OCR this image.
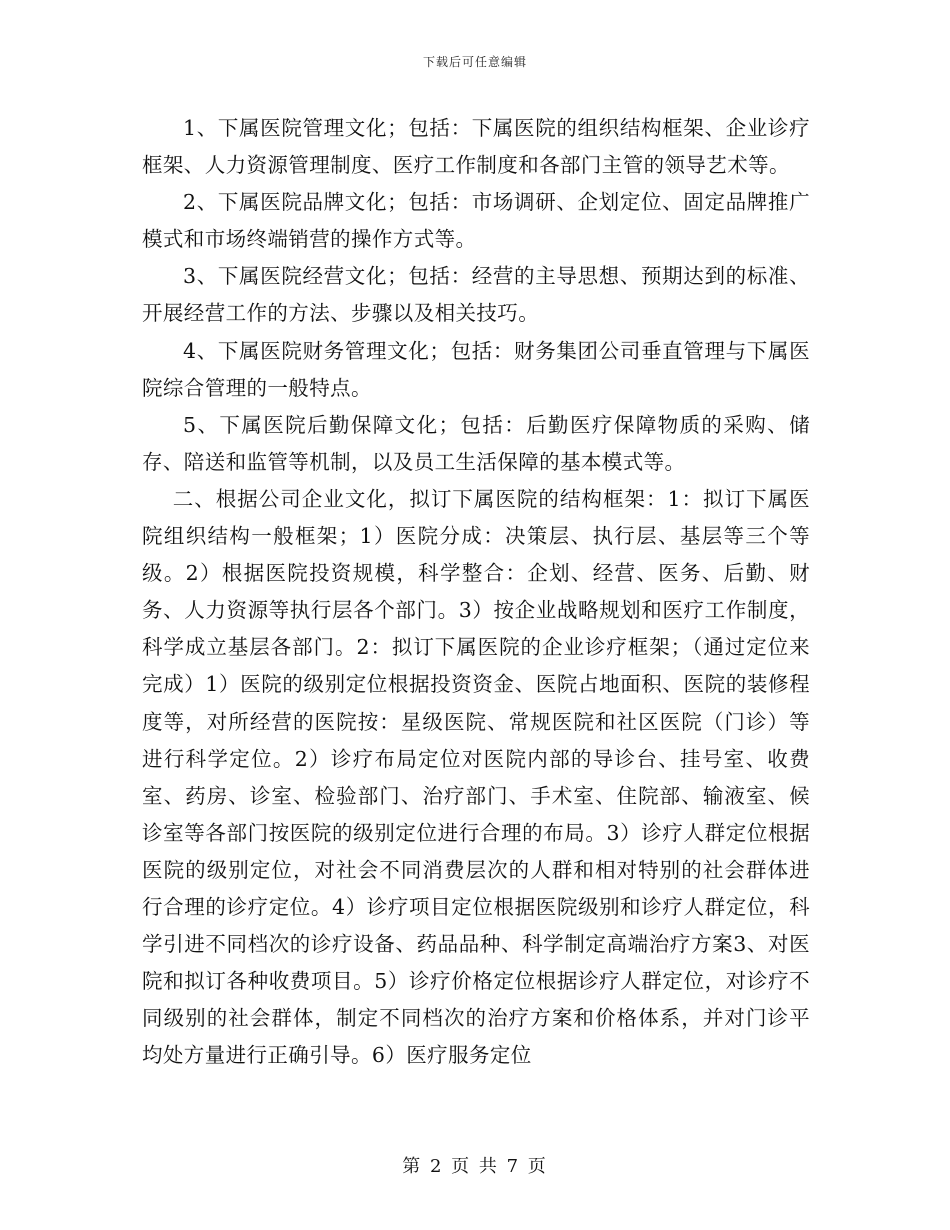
下载后可任意编辑

1、下属医院管理文化；包括：下属医院的组织结构框架、企业诊疗框架、人力资源管理制度、医疗工作制度和各部门主管的领导艺术等。

2、下属医院品牌文化；包括：市场调研、企划定位、固定品牌推广模式和市场终端销营的操作方式等。

3、下属医院经营文化；包括：经营的主导思想、预期达到的标准、开展经营工作的方法、步骤以及相关技巧。

4、下属医院财务管理文化；包括：财务集团公司垂直管理与下属医院综合管理的一般特点。

5、下属医院后勤保障文化；包括：后勤医疗保障物质的采购、储存、陪送和监管等机制，以及员工生活保障的基本模式等。

二、根据公司企业文化，拟订下属医院的结构框架：1：拟订下属医院组织结构一般框架；1）医院分成：决策层、执行层、基层等三个等级。2）根据医院投资规模，科学整合：企划、经营、医务、后勤、财务、人力资源等执行层各个部门。3）按企业战略规划和医疗工作制度，科学成立基层各部门。2：拟订下属医院的企业诊疗框架；（通过定位来完成）1）医院的级别定位根据投资资金、医院占地面积、医院的装修程度等，对所经营的医院按：星级医院、常规医院和社区医院（门诊）等进行科学定位。2）诊疗布局定位对医院内部的导诊台、挂号室、收费室、药房、诊室、检验部门、治疗部门、手术室、住院部、输液室、候诊室等各部门按医院的级别定位进行合理的布局。3）诊疗人群定位根据医院的级别定位，对社会不同消费层次的人群和相对特别的社会群体进行合理的诊疗定位。4）诊疗项目定位根据医院级别和诊疗人群定位，科学引进不同档次的诊疗设备、药品品种、科学制定高端治疗方案3、对医院和拟订各种收费项目。5）诊疗价格定位根据诊疗人群定位，对诊疗不同级别的社会群体，制定不同档次的治疗方案和价格体系，并对门诊平均处方量进行正确引导。6）医疗服务定位

第 2 页 共 7 页
